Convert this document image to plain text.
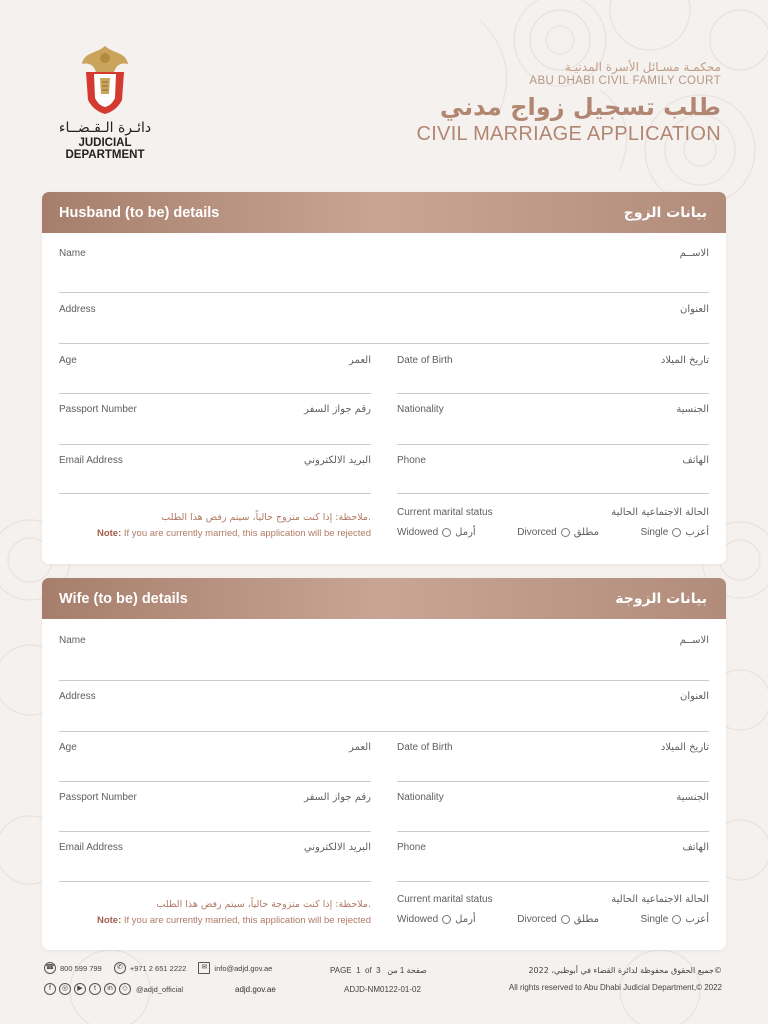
دائـرة الـقـضــاء
JUDICIAL DEPARTMENT
محكمـة مسـائل الأسرة المدنيـة
ABU DHABI CIVIL FAMILY COURT
طلب تسجيل زواج مدني
CIVIL MARRIAGE APPLICATION
Husband (to be) details	بيانات الزوج
Name	الاســم
Address	العنوان
Age	العمر	Date of Birth	تاريخ الميلاد
Passport Number	رقم جواز السفر	Nationality	الجنسية
Email Address	البريد الالكتروني	Phone	الهاتف
ملاحظة: إذا كنت متزوج حالياً، سيتم رفض هذا الطلب.
Note: If you are currently married, this application will be rejected
Current marital status	الحالة الاجتماعية الحالية
Widowed أرمل	Divorced مطلق	Single أعزب
Wife (to be) details	بيانات الزوجة
Name	الاســم
Address	العنوان
Age	العمر	Date of Birth	تاريخ الميلاد
Passport Number	رقم جواز السفر	Nationality	الجنسية
Email Address	البريد الالكتروني	Phone	الهاتف
ملاحظة: إذا كنت متزوجة حالياً، سيتم رفض هذا الطلب.
Note: If you are currently married, this application will be rejected
Current marital status	الحالة الاجتماعية الحالية
Widowed أرمل	Divorced مطلق	Single أعزب
☎ 800 599 799
	✆ +971 2 651 2222
	✉ info@adjd.gov.ae
f	◎	▶	t	in	◇	@adjd_official	adjd.gov.ae
PAGE 1 of 3 صفحة 1 من
ADJD-NM0122-01-02
جميع الحقوق محفوظة لدائرة القضاء في أبوظبي، 2022©
All rights reserved to Abu Dhabi Judicial Department,© 2022
